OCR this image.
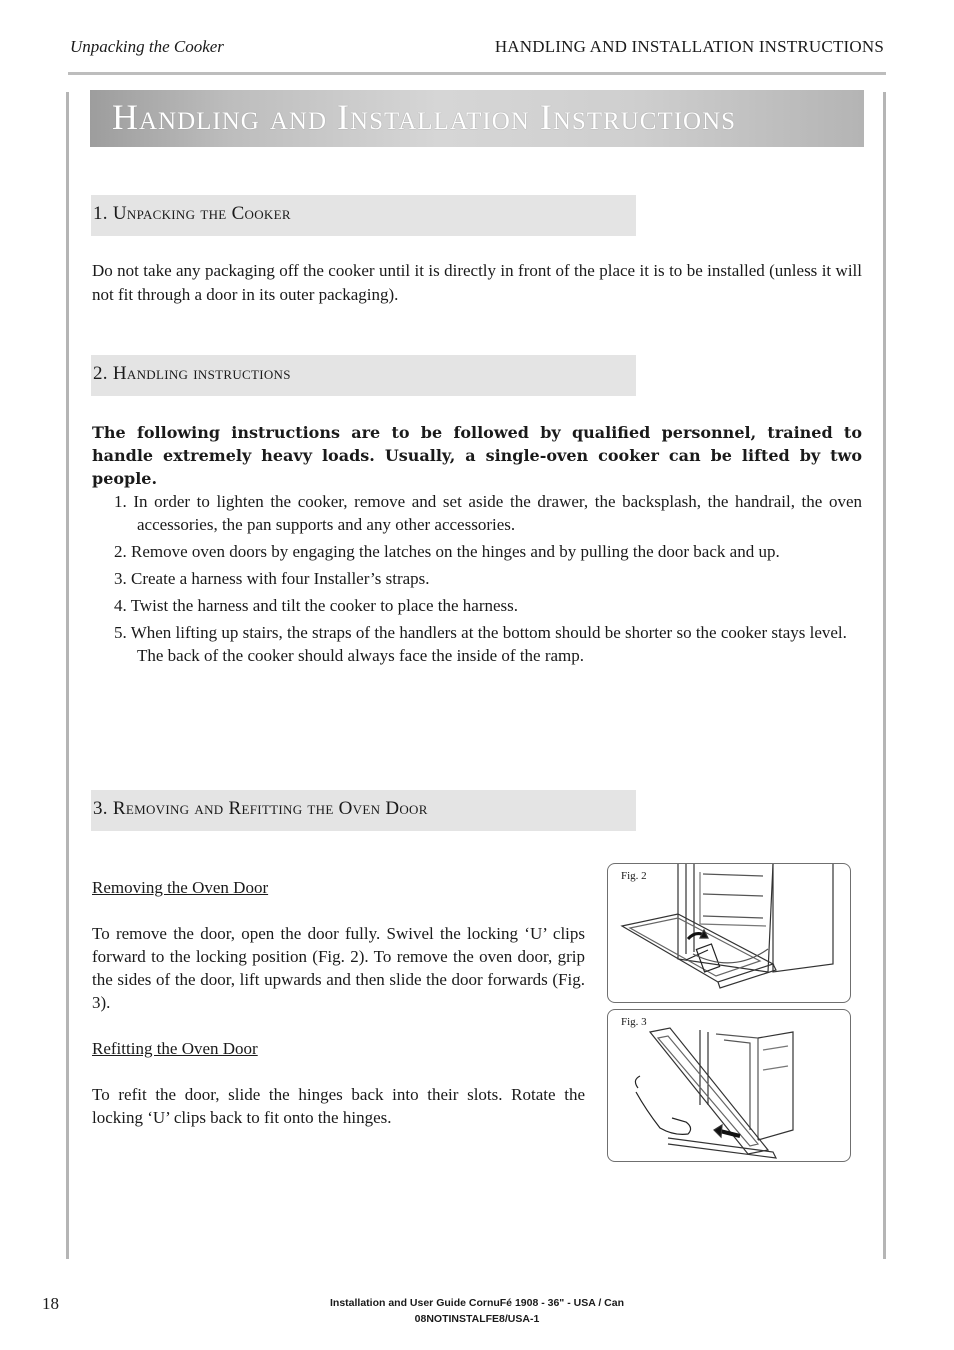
Unpacking the Cooker	HANDLING AND INSTALLATION INSTRUCTIONS
Handling and Installation Instructions
1. Unpacking the Cooker
Do not take any packaging off the cooker until it is directly in front of the place it is to be installed (unless it will not fit through a door in its outer packaging).
2. Handling instructions
The following instructions are to be followed by qualified personnel, trained to handle extremely heavy loads. Usually, a single-oven cooker can be lifted by two people.
1. In order to lighten the cooker, remove and set aside the drawer, the backsplash, the handrail, the oven accessories, the pan supports and any other accessories.
2. Remove oven doors by engaging the latches on the hinges and by pulling the door back and up.
3. Create a harness with four Installer’s straps.
4. Twist the harness and tilt the cooker to place the harness.
5. When lifting up stairs, the straps of the handlers at the bottom should be shorter so the cooker stays level.
The back of the cooker should always face the inside of the ramp.
3. Removing and Refitting the Oven Door
Removing the Oven Door
To remove the door, open the door fully. Swivel the locking ‘U’ clips forward to the locking position (Fig. 2). To remove the oven door, grip the sides of the door, lift upwards and then slide the door forwards (Fig. 3).
Refitting the Oven Door
To refit the door, slide the hinges back into their slots. Rotate the locking ‘U’ clips back to fit onto the hinges.
Fig. 2
Fig. 3
18	Installation and User Guide CornuFé 1908 - 36" - USA / Can
08NOTINSTALFE8/USA-1
